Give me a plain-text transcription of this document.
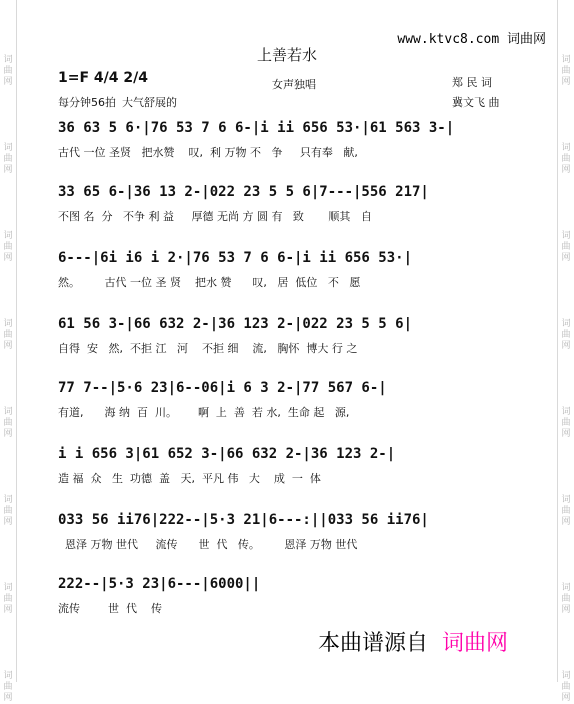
词曲网
词曲网
词曲网
词曲网
词曲网
词曲网
词曲网
词曲网
词曲网
词曲网
词曲网
词曲网
词曲网
词曲网
词曲网
词曲网
www.ktvc8.com 词曲网
上善若水
1=F 4/4 2/4	女声独唱
每分钟56拍 大气舒展的
郑 民 词
冀文飞 曲
36 63 5 6·|76 53 7 6 6-|i ii 656 53·|61 563 3-|
古代 一位 圣贤   把水赞    叹,  利 万物 不   争     只有奉   献,
33 65 6-|36 13 2-|022 23 5 5 6|7---|556 217|
不图 名  分   不争 利 益     厚德 无尚 方 圆 有   致       顺其   自
6---|6i i6 i 2·|76 53 7 6 6-|i ii 656 53·|
然。       古代 一位 圣 贤    把水 赞      叹,   居  低位   不   愿
61 56 3-|66 632 2-|36 123 2-|022 23 5 5 6|
自得  安   然,  不拒 江   河    不拒 细    流,   胸怀  博大 行 之
77 7--|5·6 23|6--06|i 6 3 2-|77 567 6-|
有道,      海 纳  百  川。      啊  上  善  若 水,  生命 起   源,
i i 656 3|61 652 3-|66 632 2-|36 123 2-|
造 福  众   生  功德  盖   天,  平凡 伟   大    成  一  体
033 56 ii76|222--|5·3 21|6---:||033 56 ii76|
恩泽 万物 世代     流传      世  代   传。       恩泽 万物 世代
222--|5·3 23|6---|6000||
流传        世  代    传
本曲谱源自 词曲网
